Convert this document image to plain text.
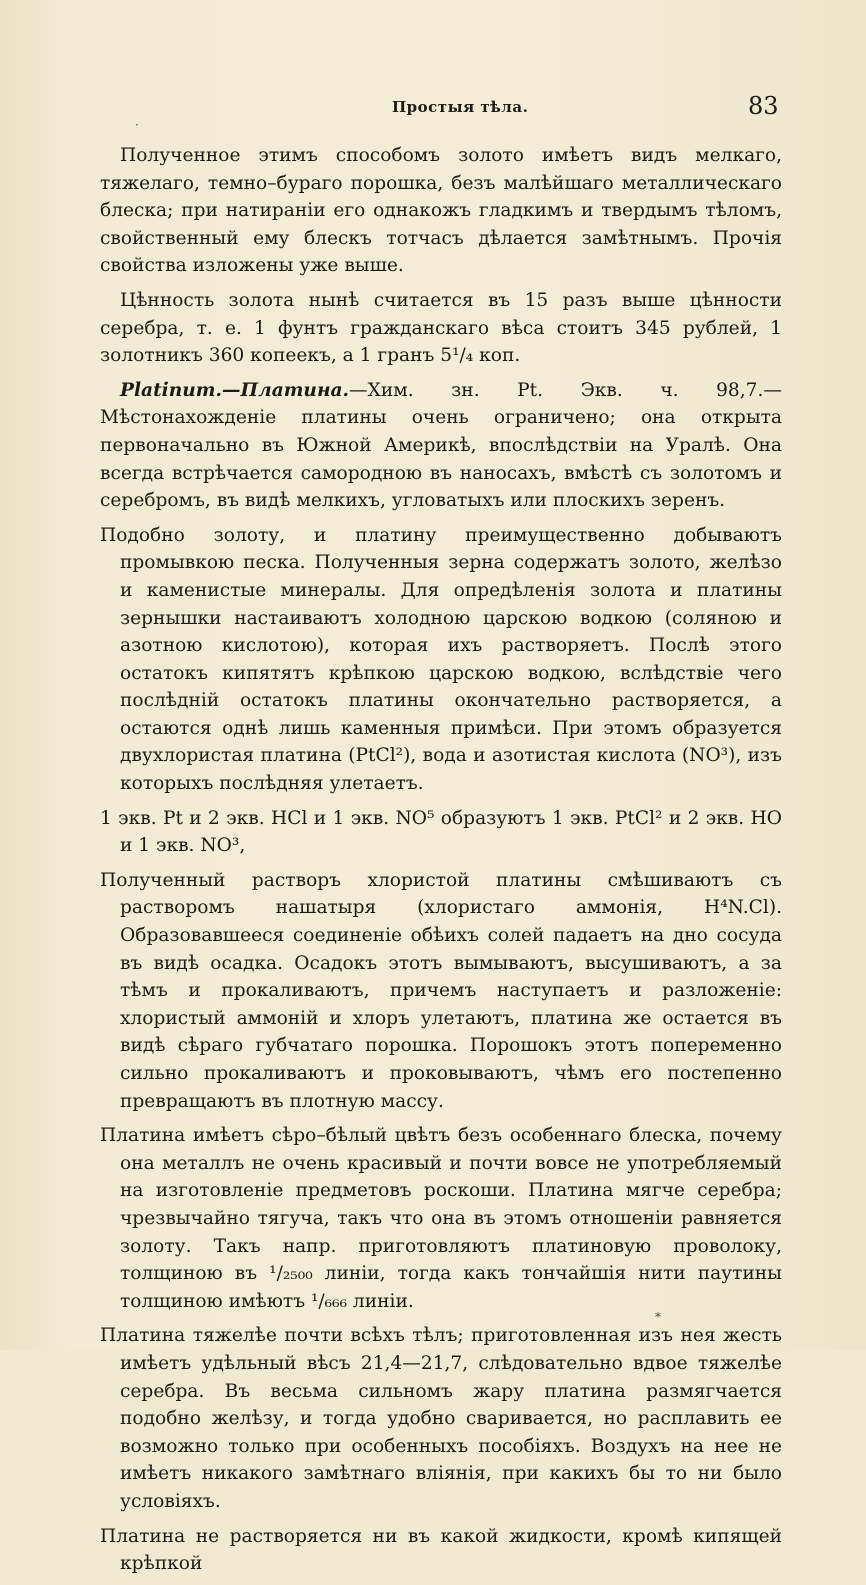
Простыя тѣла.	83

Полученное этимъ способомъ золото имѣетъ видъ мелкаго, тяжелаго, темно–бураго порошка, безъ малѣйшаго металлическаго блеска; при натираніи его однакожъ гладкимъ и твердымъ тѣломъ, свойственный ему блескъ тотчасъ дѣлается замѣтнымъ. Прочія свойства изложены уже выше.

Цѣнность золота нынѣ считается въ 15 разъ выше цѣнности серебра, т. е. 1 фунтъ гражданскаго вѣса стоитъ 345 рублей, 1 золотникъ 360 копеекъ, а 1 гранъ 5¹/₄ коп.

Platinum.—Платина.—Хим. зн. Pt. Экв. ч. 98,7.—Мѣстонахожденіе платины очень ограничено; она открыта первоначально въ Южной Америкѣ, впослѣдствіи на Уралѣ. Она всегда встрѣчается самородною въ наносахъ, вмѣстѣ съ золотомъ и серебромъ, въ видѣ мелкихъ, угловатыхъ или плоскихъ зеренъ.

Подобно золоту, и платину преимущественно добываютъ промывкою песка. Полученныя зерна содержатъ золото, желѣзо и каменистые минералы. Для опредѣленія золота и платины зернышки настаиваютъ холодною царскою водкою (соляною и азотною кислотою), которая ихъ растворяетъ. Послѣ этого остатокъ кипятятъ крѣпкою царскою водкою, вслѣдствіе чего послѣдній остатокъ платины окончательно растворяется, а остаются однѣ лишь каменныя примѣси. При этомъ образуется двухлористая платина (PtCl²), вода и азотистая кислота (NO³), изъ которыхъ послѣдняя улетаетъ.

1 экв. Pt и 2 экв. HCl и 1 экв. NO⁵ образуютъ 1 экв. PtCl² и 2 экв. HO и 1 экв. NO³,

Полученный растворъ хлористой платины смѣшиваютъ съ растворомъ нашатыря (хлористаго аммонія, H⁴N.Cl). Образовавшееся соединеніе обѣихъ солей падаетъ на дно сосуда въ видѣ осадка. Осадокъ этотъ вымываютъ, высушиваютъ, а за тѣмъ и прокаливаютъ, причемъ наступаетъ и разложеніе: хлористый аммоній и хлоръ улетаютъ, платина же остается въ видѣ сѣраго губчатаго порошка. Порошокъ этотъ попеременно сильно прокаливаютъ и проковываютъ, чѣмъ его постепенно превращаютъ въ плотную массу.

Платина имѣетъ сѣро–бѣлый цвѣтъ безъ особеннаго блеска, почему она металлъ не очень красивый и почти вовсе не употребляемый на изготовленіе предметовъ роскоши. Платина мягче серебра; чрезвычайно тягуча, такъ что она въ этомъ отношеніи равняется золоту. Такъ напр. приготовляютъ платиновую проволоку, толщиною въ ¹/₂₅₀₀ линіи, тогда какъ тончайшія нити паутины толщиною имѣютъ ¹/₆₆₆ линіи.

Платина тяжелѣе почти всѣхъ тѣлъ; приготовленная изъ нея жесть имѣетъ удѣльный вѣсъ 21,4—21,7, слѣдовательно вдвое тяжелѣе серебра. Въ весьма сильномъ жару платина размягчается подобно желѣзу, и тогда удобно сваривается, но расплавить ее возможно только при особенныхъ пособіяхъ. Воздухъ на нее не имѣетъ никакого замѣтнаго вліянія, при какихъ бы то ни было условіяхъ.

Платина не растворяется ни въ какой жидкости, кромѣ кипящей крѣпкой

·
*
